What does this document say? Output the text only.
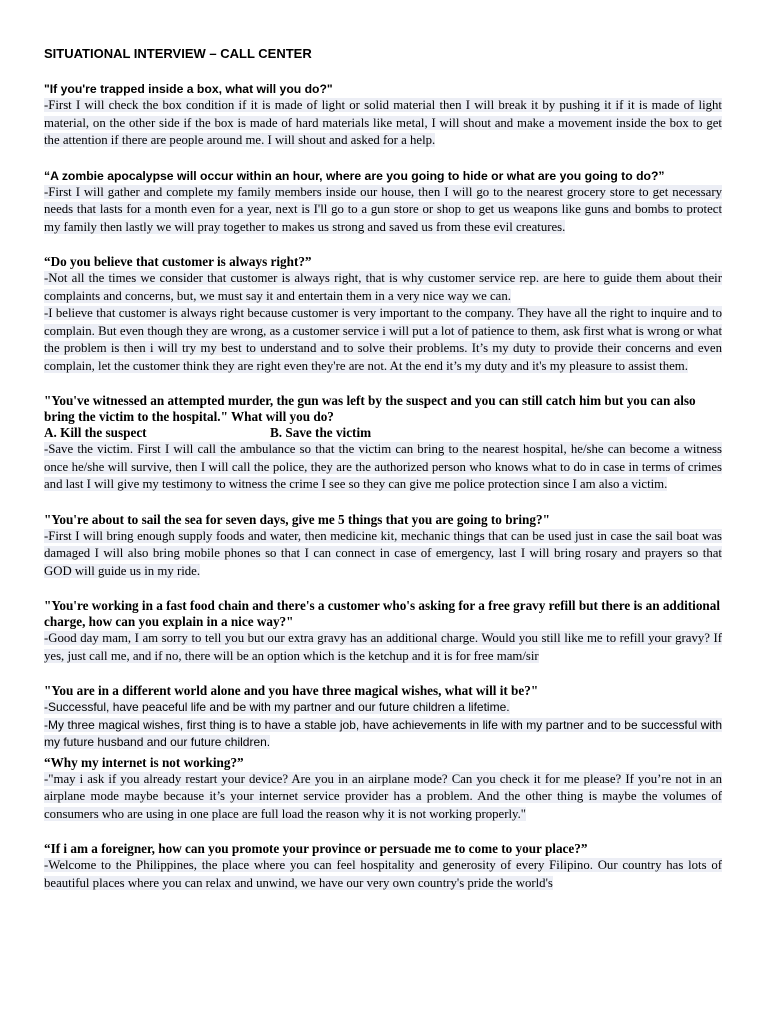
SITUATIONAL INTERVIEW – CALL CENTER

"If you're trapped inside a box, what will you do?"

-First I will check the box condition if it is made of light or solid material then I will break it by pushing it if it is made of light material, on the other side if the box is made of hard materials like metal, I will shout and make a movement inside the box to get the attention if there are people around me. I will shout and asked for a help.

“A zombie apocalypse will occur within an hour, where are you going to hide or what are you going to do?”

-First I will gather and complete my family members inside our house, then I will go to the nearest grocery store to get necessary needs that lasts for a month even for a year, next is I'll go to a gun store or shop to get us weapons like guns and bombs to protect my family then lastly we will pray together to makes us strong and saved us from these evil creatures.

“Do you believe that customer is always right?”

-Not all the times we consider that customer is always right, that is why customer service rep. are here to guide them about their complaints and concerns, but, we must say it and entertain them in a very nice way we can.

-I believe that customer is always right because customer is very important to the company. They have all the right to inquire and to complain. But even though they are wrong, as a customer service i will put a lot of patience to them, ask first what is wrong or what the problem is then i will try my best to understand and to solve their problems. It’s my duty to provide their concerns and even complain, let the customer think they are right even they're are not. At the end it’s my duty and it's my pleasure to assist them.

"You've witnessed an attempted murder, the gun was left by the suspect and you can still catch him but you can also bring the victim to the hospital." What will you do?

A. Kill the suspect	B. Save the victim

-Save the victim. First I will call the ambulance so that the victim can bring to the nearest hospital, he/she can become a witness once he/she will survive, then I will call the police, they are the authorized person who knows what to do in case in terms of crimes and last I will give my testimony to witness the crime I see so they can give me police protection since I am also a victim.

"You're about to sail the sea for seven days, give me 5 things that you are going to bring?"

-First I will bring enough supply foods and water, then medicine kit, mechanic things that can be used just in case the sail boat was damaged I will also bring mobile phones so that I can connect in case of emergency, last I will bring rosary and prayers so that GOD will guide us in my ride.

"You're working in a fast food chain and there's a customer who's asking for a free gravy refill but there is an additional charge, how can you explain in a nice way?"

-Good day mam, I am sorry to tell you but our extra gravy has an additional charge. Would you still like me to refill your gravy? If yes, just call me, and if no, there will be an option which is the ketchup and it is for free mam/sir

"You are in a different world alone and you have three magical wishes, what will it be?"

-Successful, have peaceful life and be with my partner and our future children a lifetime.

-My three magical wishes, first thing is to have a stable job, have achievements in life with my partner and to be successful with my future husband and our future children.

“Why my internet is not working?”

-"may i ask if you already restart your device? Are you in an airplane mode? Can you check it for me please? If you’re not in an airplane mode maybe because it’s your internet service provider has a problem. And the other thing is maybe the volumes of consumers who are using in one place are full load the reason why it is not working properly."

“If i am a foreigner, how can you promote your province or persuade me to come to your place?”

-Welcome to the Philippines, the place where you can feel hospitality and generosity of every Filipino. Our country has lots of beautiful places where you can relax and unwind, we have our very own country's pride the world's
